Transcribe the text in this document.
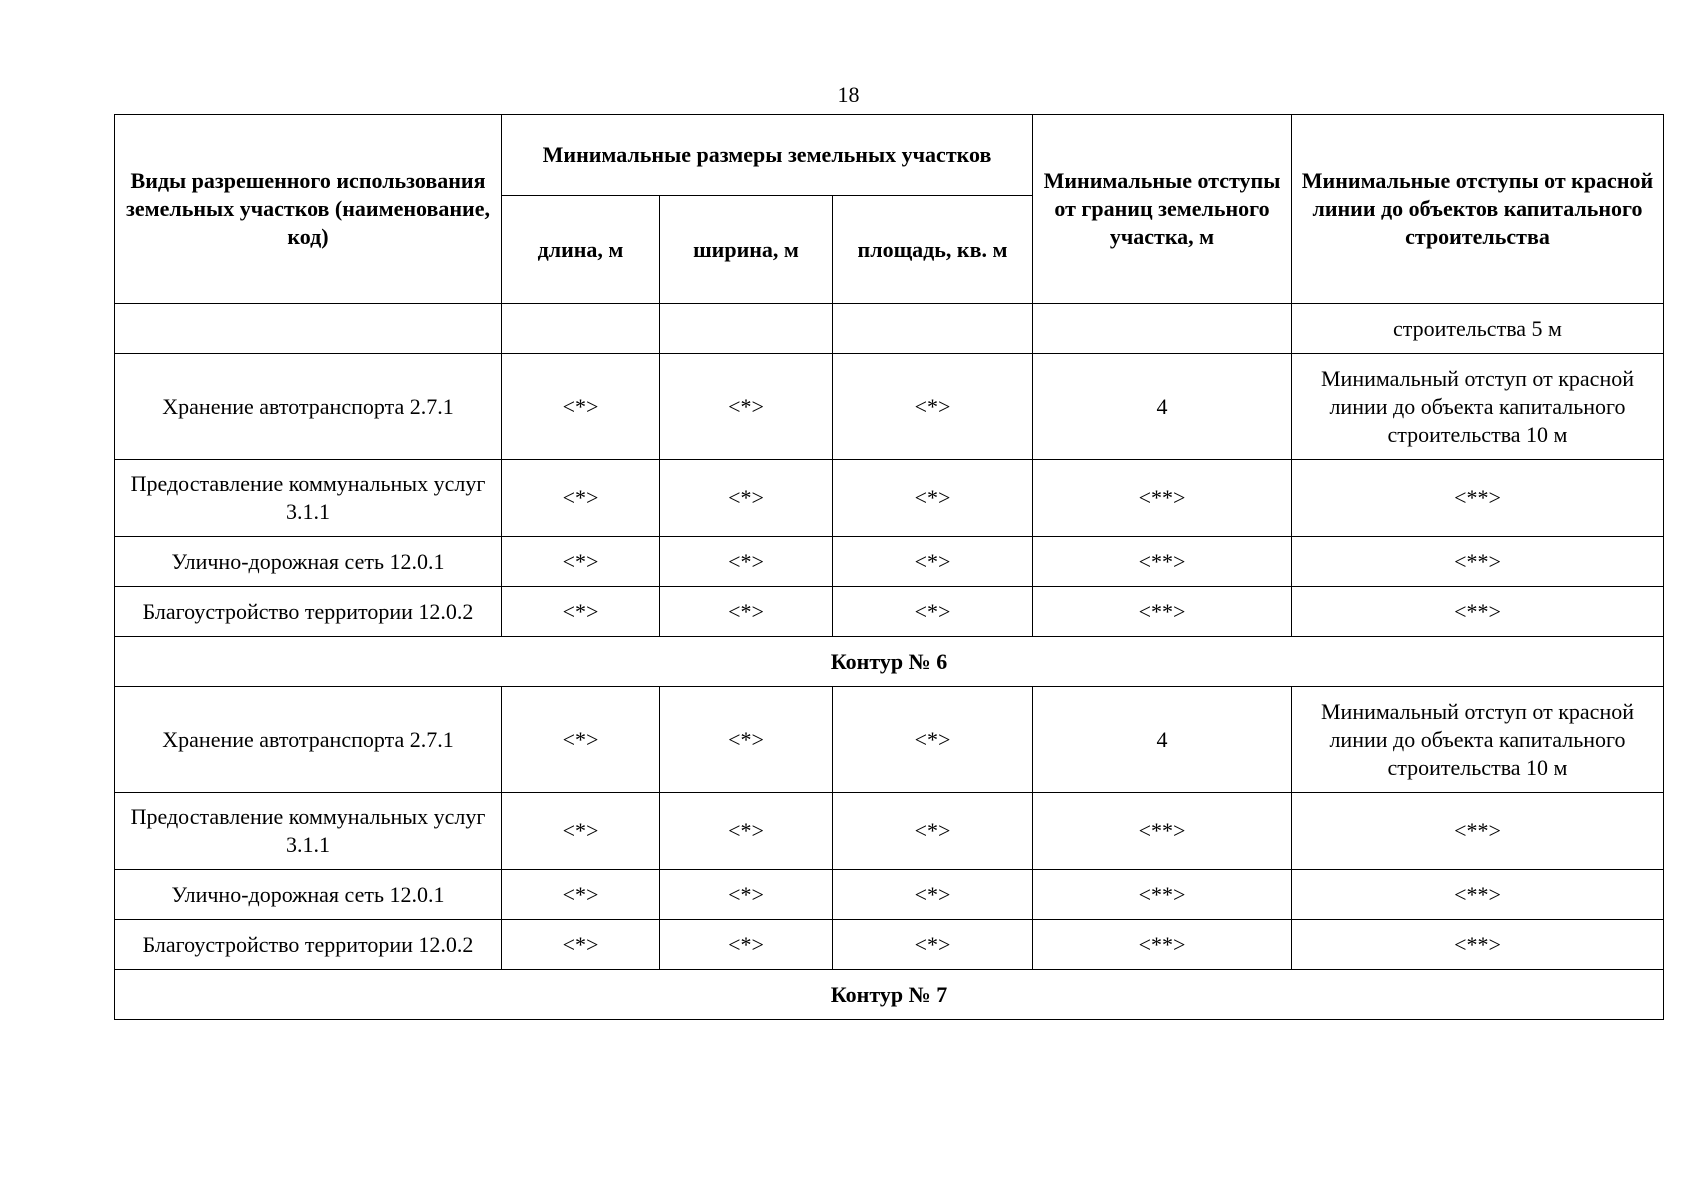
18
Виды разрешенного использования земельных участков (наименование, код)	Минимальные размеры земельных участков			Минимальные отступы от границ земельного участка, м	Минимальные отступы от красной линии до объектов капитального строительства
	длина, м	ширина, м	площадь, кв. м		
					строительства 5 м
Хранение автотранспорта 2.7.1	<*>	<*>	<*>	4	Минимальный отступ от красной линии до объекта капитального строительства 10 м
Предоставление коммунальных услуг 3.1.1	<*>	<*>	<*>	<**>	<**>
Улично-дорожная сеть 12.0.1	<*>	<*>	<*>	<**>	<**>
Благоустройство территории 12.0.2	<*>	<*>	<*>	<**>	<**>
Контур № 6					
Хранение автотранспорта 2.7.1	<*>	<*>	<*>	4	Минимальный отступ от красной линии до объекта капитального строительства 10 м
Предоставление коммунальных услуг 3.1.1	<*>	<*>	<*>	<**>	<**>
Улично-дорожная сеть 12.0.1	<*>	<*>	<*>	<**>	<**>
Благоустройство территории 12.0.2	<*>	<*>	<*>	<**>	<**>
Контур № 7					
